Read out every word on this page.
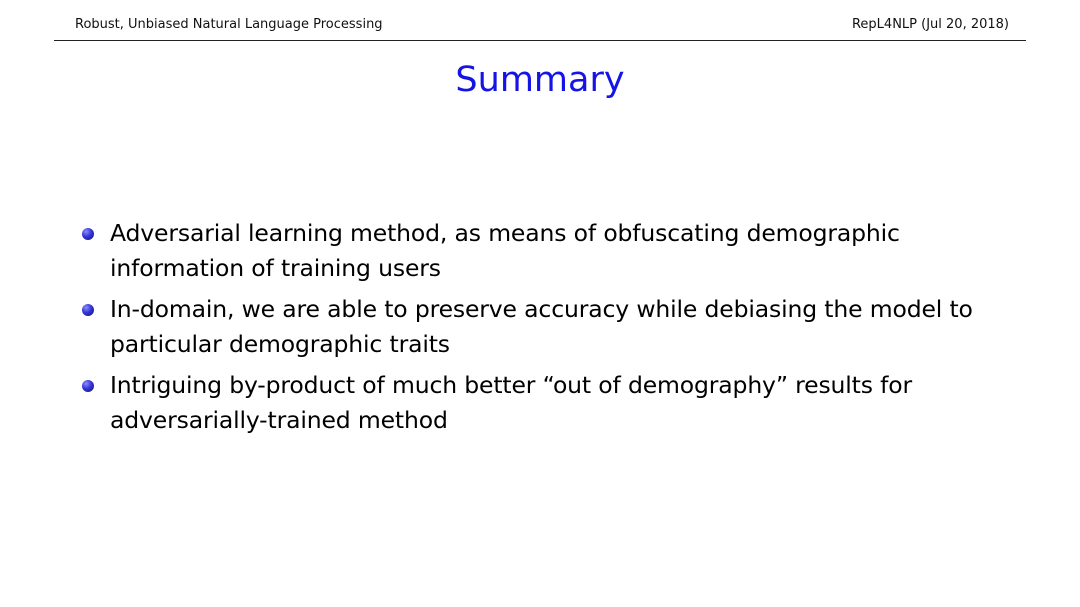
Robust, Unbiased Natural Language Processing	RepL4NLP (Jul 20, 2018)
Summary
Adversarial learning method, as means of obfuscating demographic information of training users
In-domain, we are able to preserve accuracy while debiasing the model to particular demographic traits
Intriguing by-product of much better “out of demography” results for adversarially-trained method
